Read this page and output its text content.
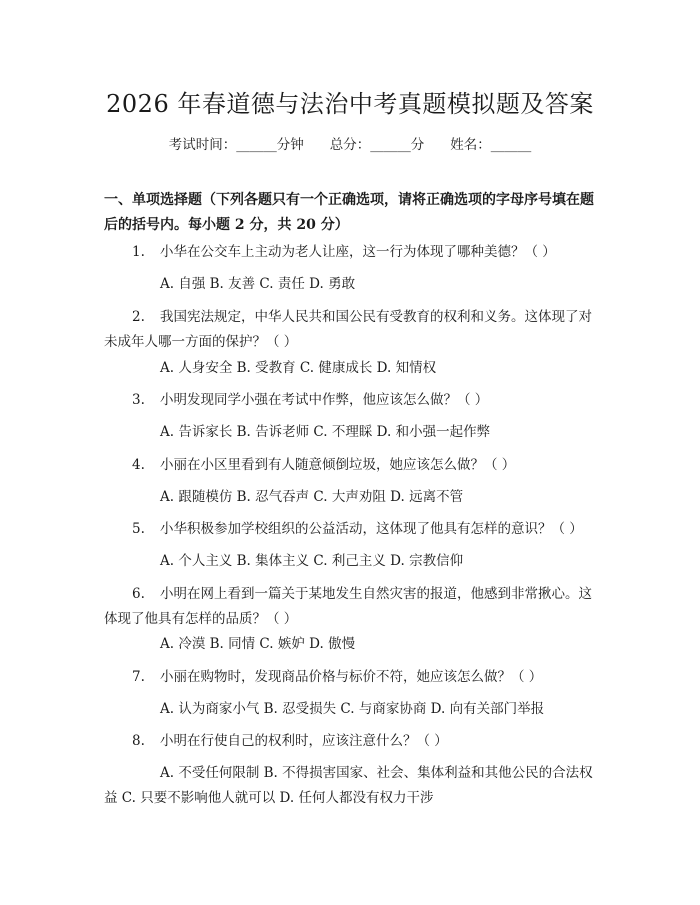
2026 年春道德与法治中考真题模拟题及答案
考试时间：______分钟 总分：______分 姓名：______

一、单项选择题（下列各题只有一个正确选项，请将正确选项的字母序号填在题后的括号内。每小题 2 分，共 20 分）

1. 小华在公交车上主动为老人让座，这一行为体现了哪种美德？（ ）
A. 自强 B. 友善 C. 责任 D. 勇敢
2. 我国宪法规定，中华人民共和国公民有受教育的权利和义务。这体现了对未成年人哪一方面的保护？（ ）
A. 人身安全 B. 受教育 C. 健康成长 D. 知情权
3. 小明发现同学小强在考试中作弊，他应该怎么做？（ ）
A. 告诉家长 B. 告诉老师 C. 不理睬 D. 和小强一起作弊
4. 小丽在小区里看到有人随意倾倒垃圾，她应该怎么做？（ ）
A. 跟随模仿 B. 忍气吞声 C. 大声劝阻 D. 远离不管
5. 小华积极参加学校组织的公益活动，这体现了他具有怎样的意识？（ ）
A. 个人主义 B. 集体主义 C. 利己主义 D. 宗教信仰
6. 小明在网上看到一篇关于某地发生自然灾害的报道，他感到非常揪心。这体现了他具有怎样的品质？（ ）
A. 冷漠 B. 同情 C. 嫉妒 D. 傲慢
7. 小丽在购物时，发现商品价格与标价不符，她应该怎么做？（ ）
A. 认为商家小气 B. 忍受损失 C. 与商家协商 D. 向有关部门举报
8. 小明在行使自己的权利时，应该注意什么？（ ）
A. 不受任何限制 B. 不得损害国家、社会、集体利益和其他公民的合法权益 C. 只要不影响他人就可以 D. 任何人都没有权力干涉
